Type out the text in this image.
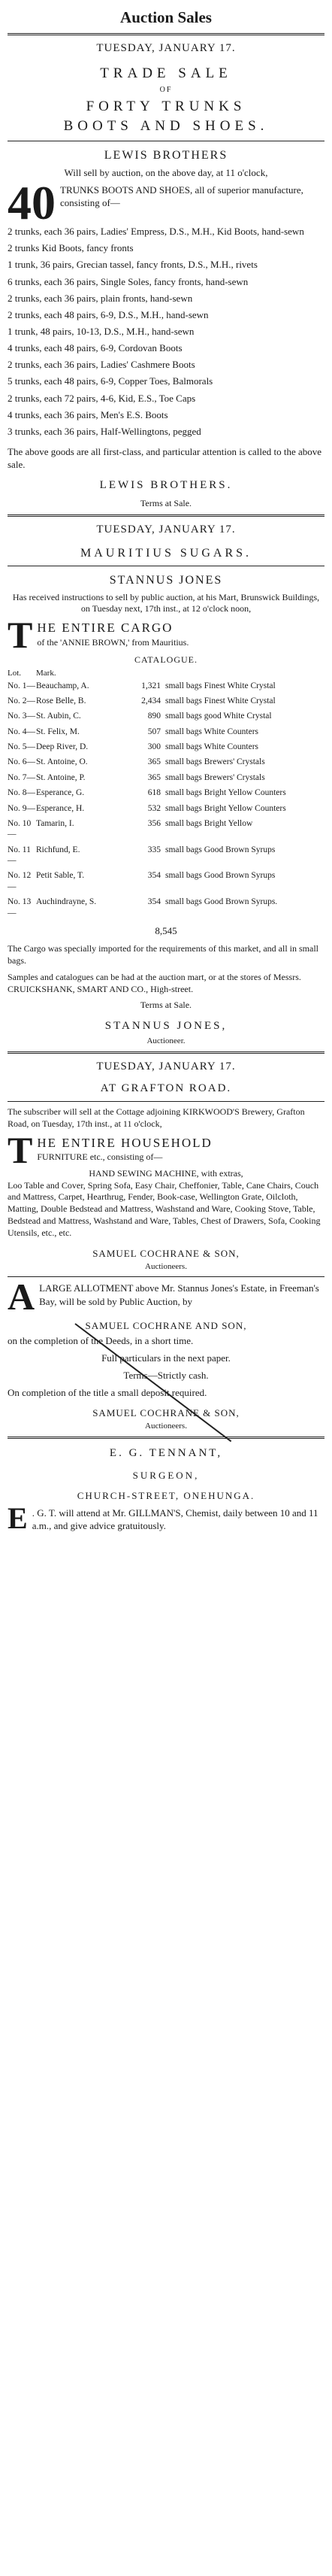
Auction Sales
TUESDAY, JANUARY 17.
TRADE SALE
OF
FORTY TRUNKS
BOOTS AND SHOES.
LEWIS BROTHERS

Will sell by auction, on the above day, at 11 o'clock,

40 TRUNKS BOOTS AND SHOES, all of superior manufacture, consisting of—
2 trunks, each 36 pairs, Ladies' Empress, D.S., M.H., Kid Boots, hand-sewn
2 trunks Kid Boots, fancy fronts
1 trunk, 36 pairs, Grecian tassel, fancy fronts, D.S., M.H., rivets
6 trunks, each 36 pairs, Single Soles, fancy fronts, hand-sewn
2 trunks, each 36 pairs, plain fronts, hand-sewn
2 trunks, each 48 pairs, 6-9, D.S., M.H., hand-sewn
1 trunk, 48 pairs, 10-13, D.S., M.H., hand-sewn
4 trunks, each 48 pairs, 6-9, Cordovan Boots
2 trunks, each 36 pairs, Ladies' Cashmere Boots
5 trunks, each 48 pairs, 6-9, Copper Toes, Balmorals
2 trunks, each 72 pairs, 4-6, Kid, E.S., Toe Caps
4 trunks, each 36 pairs, Men's E.S. Boots
3 trunks, each 36 pairs, Half-Wellingtons, pegged

The above goods are all first-class, and particular attention is called to the above sale.

LEWIS BROTHERS.
Terms at Sale.
TUESDAY, JANUARY 17.
MAURITIUS SUGARS.
STANNUS JONES

Has received instructions to sell by public auction, at his Mart, Brunswick Buildings, on Tuesday next, 17th inst., at 12 o'clock noon,

T HE ENTIRE CARGO
of the 'ANNIE BROWN,' from Mauritius.
CATALOGUE.
Lot.	Mark.
No. 1— Beauchamp, A.	1,321 small bags Finest White Crystal
No. 2— Rose Belle, B.	2,434 small bags Finest White Crystal
No. 3— St. Aubin, C.	890 small bags good White Crystal
No. 4— St. Felix, M.	507 small bags White Counters
No. 5— Deep River, D.	300 small bags White Counters
No. 6— St. Antoine, O.	365 small bags Brewers' Crystals
No. 7— St. Antoine, P.	365 small bags Brewers' Crystals
No. 8— Esperance, G.	618 small bags Bright Yellow Counters
No. 9— Esperance, H.	532 small bags Bright Yellow Counters
No. 10—
Tamarin, I.	356 small bags Bright Yellow
No. 11—
Richfund, E.	335 small bags Good Brown Syrups
No. 12—
Petit Sable, T.	354 small bags Good Brown Syrups
No. 13—
Auchindrayne, S.	354 small bags Good Brown Syrups.
8,545

The Cargo was specially imported for the requirements of this market, and all in small bags.

Samples and catalogues can be had at the auction mart, or at the stores of Messrs. CRUICKSHANK, SMART AND CO., High-street.

Terms at Sale.
STANNUS JONES,
Auctioneer.
TUESDAY, JANUARY 17.
AT GRAFTON ROAD.

The subscriber will sell at the Cottage adjoining KIRKWOOD'S Brewery, Grafton Road, on Tuesday, 17th inst., at 11 o'clock,

T HE ENTIRE HOUSEHOLD
FURNITURE etc., consisting of—
HAND SEWING MACHINE, with extras,

Loo Table and Cover, Spring Sofa, Easy Chair, Cheffonier, Table, Cane Chairs, Couch and Mattress, Carpet, Hearthrug, Fender, Book-case, Wellington Grate, Oilcloth, Matting, Double Bedstead and Mattress, Washstand and Ware, Cooking Stove, Table, Bedstead and Mattress, Washstand and Ware, Tables, Chest of Drawers, Sofa, Cooking Utensils, etc., etc.

SAMUEL COCHRANE & SON,
Auctioneers.
A LARGE ALLOTMENT above Mr. Stannus Jones's Estate, in Freeman's Bay, will be sold by Public Auction, by
SAMUEL COCHRANE AND SON,

on the completion of the Deeds, in a short time.

Full particulars in the next paper.

Terms—Strictly cash.

On completion of the title a small deposit required.

SAMUEL COCHRANE & SON,
Auctioneers.
E. G. TENNANT,
SURGEON,
CHURCH-STREET, ONEHUNGA.
E . G. T. will attend at Mr. GILLMAN'S, Chemist, daily between 10 and 11 a.m., and give advice gratuitously.
